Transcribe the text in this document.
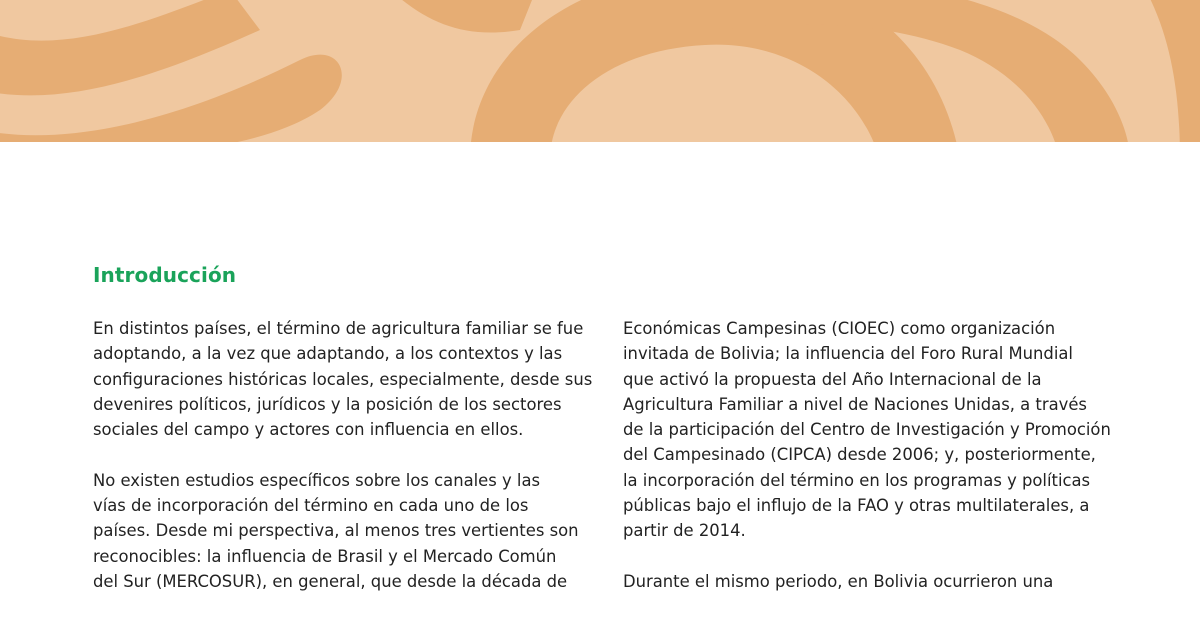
Introducción

En distintos países, el término de agricultura familiar se fue
adoptando, a la vez que adaptando, a los contextos y las
configuraciones históricas locales, especialmente, desde sus
devenires políticos, jurídicos y la posición de los sectores
sociales del campo y actores con influencia en ellos.

No existen estudios específicos sobre los canales y las
vías de incorporación del término en cada uno de los
países. Desde mi perspectiva, al menos tres vertientes son
reconocibles: la influencia de Brasil y el Mercado Común
del Sur (MERCOSUR), en general, que desde la década de

Económicas Campesinas (CIOEC) como organización
invitada de Bolivia; la influencia del Foro Rural Mundial
que activó la propuesta del Año Internacional de la
Agricultura Familiar a nivel de Naciones Unidas, a través
de la participación del Centro de Investigación y Promoción
del Campesinado (CIPCA) desde 2006; y, posteriormente,
la incorporación del término en los programas y políticas
públicas bajo el influjo de la FAO y otras multilaterales, a
partir de 2014.

Durante el mismo periodo, en Bolivia ocurrieron una
